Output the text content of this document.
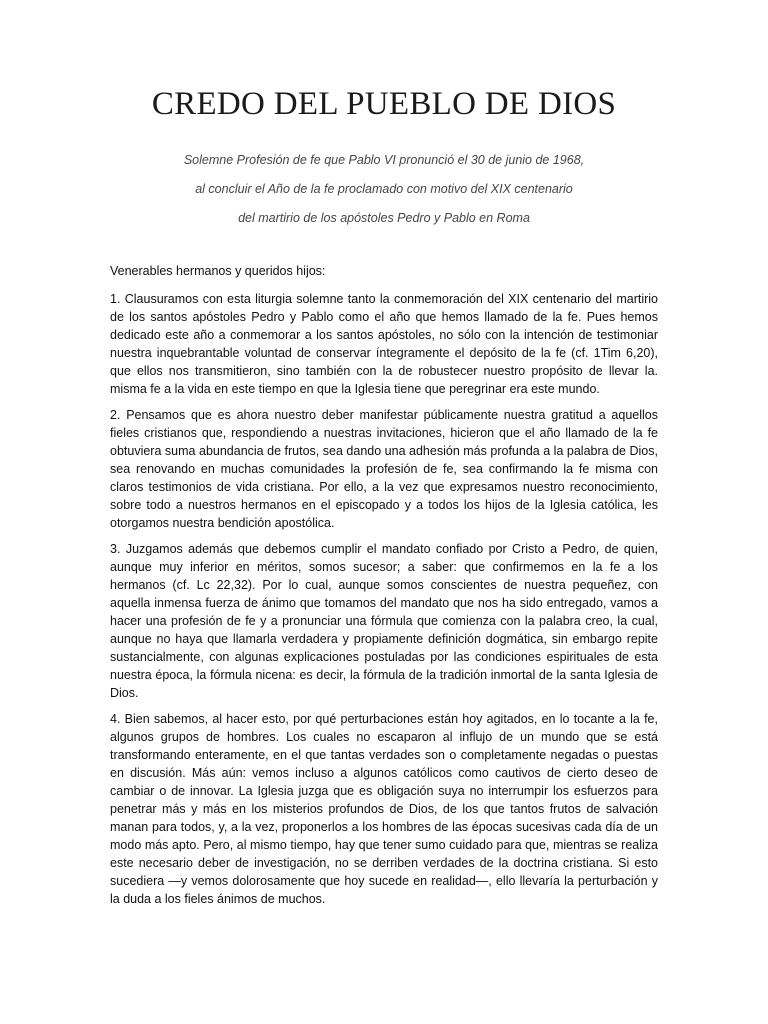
CREDO DEL PUEBLO DE DIOS
Solemne Profesión de fe que Pablo VI pronunció el 30 de junio de 1968,
al concluir el Año de la fe proclamado con motivo del XIX centenario
del martirio de los apóstoles Pedro y Pablo en Roma

Venerables hermanos y queridos hijos:

1. Clausuramos con esta liturgia solemne tanto la conmemoración del XIX centenario del martirio de los santos apóstoles Pedro y Pablo como el año que hemos llamado de la fe. Pues hemos dedicado este año a conmemorar a los santos apóstoles, no sólo con la intención de testimoniar nuestra inquebrantable voluntad de conservar íntegramente el depósito de la fe (cf. 1Tim 6,20), que ellos nos transmitieron, sino también con la de robustecer nuestro propósito de llevar la. misma fe a la vida en este tiempo en que la Iglesia tiene que peregrinar era este mundo.

2. Pensamos que es ahora nuestro deber manifestar públicamente nuestra gratitud a aquellos fieles cristianos que, respondiendo a nuestras invitaciones, hicieron que el año llamado de la fe obtuviera suma abundancia de frutos, sea dando una adhesión más profunda a la palabra de Dios, sea renovando en muchas comunidades la profesión de fe, sea confirmando la fe misma con claros testimonios de vida cristiana. Por ello, a la vez que expresamos nuestro reconocimiento, sobre todo a nuestros hermanos en el episcopado y a todos los hijos de la Iglesia católica, les otorgamos nuestra bendición apostólica.

3. Juzgamos además que debemos cumplir el mandato confiado por Cristo a Pedro, de quien, aunque muy inferior en méritos, somos sucesor; a saber: que confirmemos en la fe a los hermanos (cf. Lc 22,32). Por lo cual, aunque somos conscientes de nuestra pequeñez, con aquella inmensa fuerza de ánimo que tomamos del mandato que nos ha sido entregado, vamos a hacer una profesión de fe y a pronunciar una fórmula que comienza con la palabra creo, la cual, aunque no haya que llamarla verdadera y propiamente definición dogmática, sin embargo repite sustancialmente, con algunas explicaciones postuladas por las condiciones espirituales de esta nuestra época, la fórmula nicena: es decir, la fórmula de la tradición inmortal de la santa Iglesia de Dios.

4. Bien sabemos, al hacer esto, por qué perturbaciones están hoy agitados, en lo tocante a la fe, algunos grupos de hombres. Los cuales no escaparon al influjo de un mundo que se está transformando enteramente, en el que tantas verdades son o completamente negadas o puestas en discusión. Más aún: vemos incluso a algunos católicos como cautivos de cierto deseo de cambiar o de innovar. La Iglesia juzga que es obligación suya no interrumpir los esfuerzos para penetrar más y más en los misterios profundos de Dios, de los que tantos frutos de salvación manan para todos, y, a la vez, proponerlos a los hombres de las épocas sucesivas cada día de un modo más apto. Pero, al mismo tiempo, hay que tener sumo cuidado para que, mientras se realiza este necesario deber de investigación, no se derriben verdades de la doctrina cristiana. Si esto sucediera —y vemos dolorosamente que hoy sucede en realidad—, ello llevaría la perturbación y la duda a los fieles ánimos de muchos.
